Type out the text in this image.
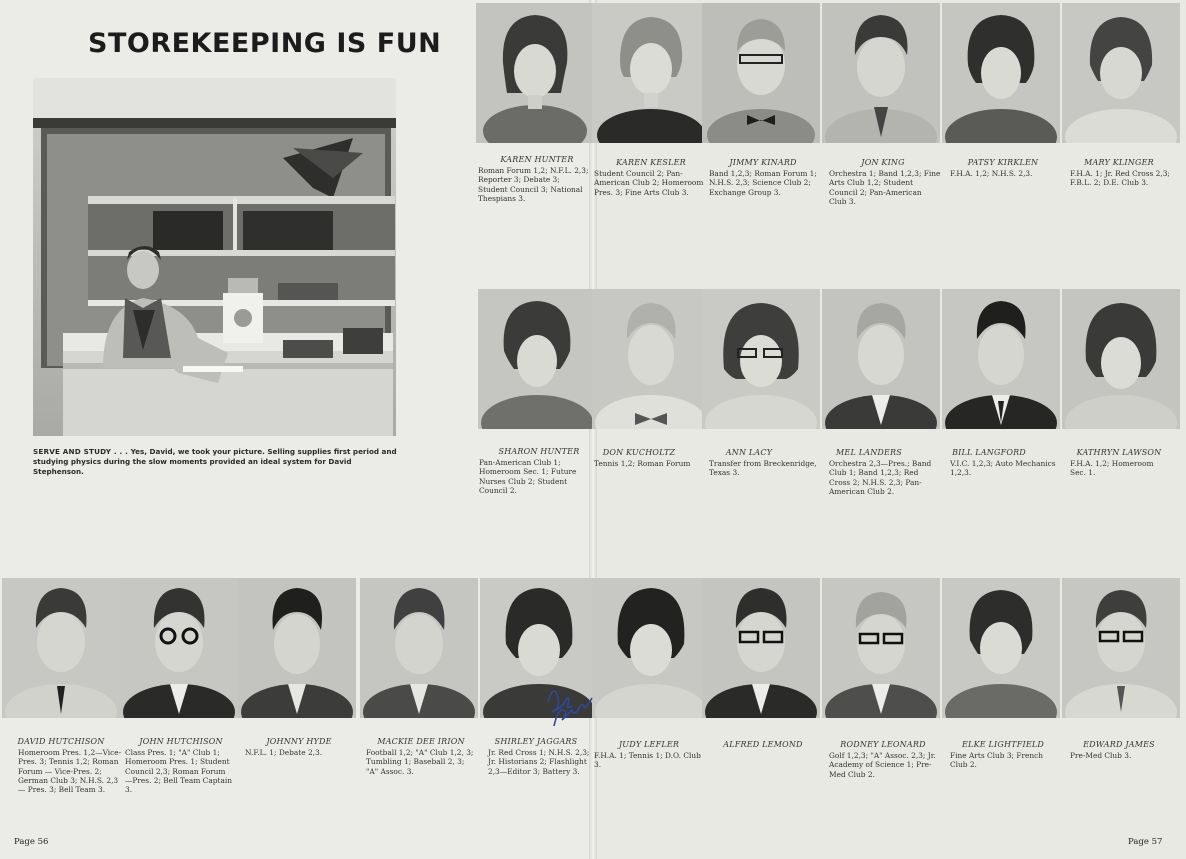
STOREKEEPING IS FUN
SERVE AND STUDY . . . Yes, David, we took your picture. Selling supplies first period and studying physics during the slow moments provided an ideal system for David Stephenson.
KAREN HUNTER
Roman Forum 1,2; N.F.L. 2,3; Reporter 3; Debate 3; Student Council 3; National Thespians 3.
KAREN KESLER
Student Council 2; Pan-American Club 2; Homeroom Pres. 3; Fine Arts Club 3.
JIMMY KINARD
Band 1,2,3; Roman Forum 1; N.H.S. 2,3; Science Club 2; Exchange Group 3.
JON KING
Orchestra 1; Band 1,2,3; Fine Arts Club 1,2; Student Council 2; Pan-American Club 3.
PATSY KIRKLEN
F.H.A. 1,2; N.H.S. 2,3.
MARY KLINGER
F.H.A. 1; Jr. Red Cross 2,3; F.B.L. 2; D.E. Club 3.
SHARON HUNTER
Pan-American Club 1; Homeroom Sec. 1; Future Nurses Club 2; Student Council 2.
DON KUCHOLTZ
Tennis 1,2; Roman Forum
ANN LACY
Transfer from Breckenridge, Texas 3.
MEL LANDERS
Orchestra 2,3—Pres.; Band Club 1; Band 1,2,3; Red Cross 2; N.H.S. 2,3; Pan-American Club 2.
BILL LANGFORD
V.I.C. 1,2,3; Auto Mechanics 1,2,3.
KATHRYN LAWSON
F.H.A. 1,2; Homeroom Sec. 1.
DAVID HUTCHISON
Homeroom Pres. 1,2—Vice-Pres. 3; Tennis 1,2; Roman Forum — Vice-Pres. 2; German Club 3; N.H.S. 2,3 — Pres. 3; Bell Team 3.
JOHN HUTCHISON
Class Pres. 1; "A" Club 1; Homeroom Pres. 1; Student Council 2,3; Roman Forum —Pres. 2; Bell Team Captain 3.
JOHNNY HYDE
N.F.L. 1; Debate 2,3.
MACKIE DEE IRION
Football 1,2; "A" Club 1,2, 3; Tumbling 1; Baseball 2, 3; "A" Assoc. 3.
SHIRLEY JAGGARS
Jr. Red Cross 1; N.H.S. 2,3; Jr. Historians 2; Flashlight 2,3—Editor 3; Battery 3.
JUDY LEFLER
F.H.A. 1; Tennis 1; D.O. Club 3.
ALFRED LEMOND	RODNEY LEONARD
Golf 1,2,3; "A" Assoc. 2,3; Jr. Academy of Science 1; Pre-Med Club 2.
ELKE LIGHTFIELD
Fine Arts Club 3; French Club 2.
EDWARD JAMES
Pre-Med Club 3.
Page 56	Page 57
